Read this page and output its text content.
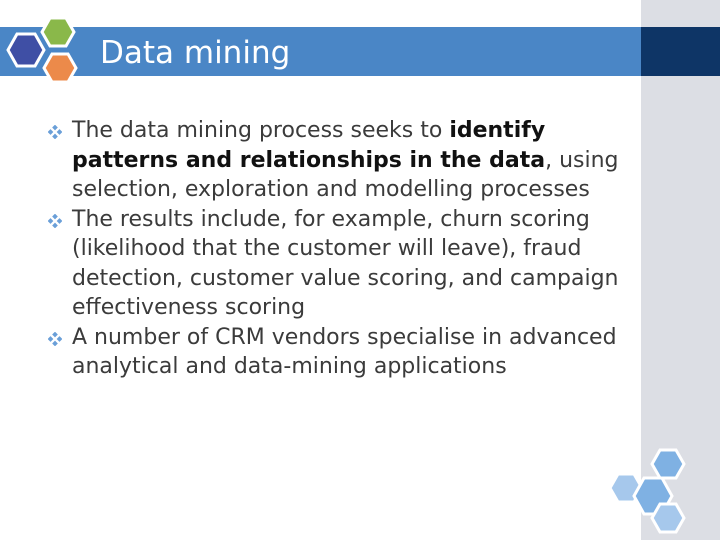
Data mining
The data mining process seeks to identify patterns and relationships in the data, using selection, exploration and modelling processes
The results include, for example, churn scoring (likelihood that the customer will leave), fraud detection, customer value scoring, and campaign effectiveness scoring
A number of CRM vendors specialise in advanced analytical and data-mining applications
